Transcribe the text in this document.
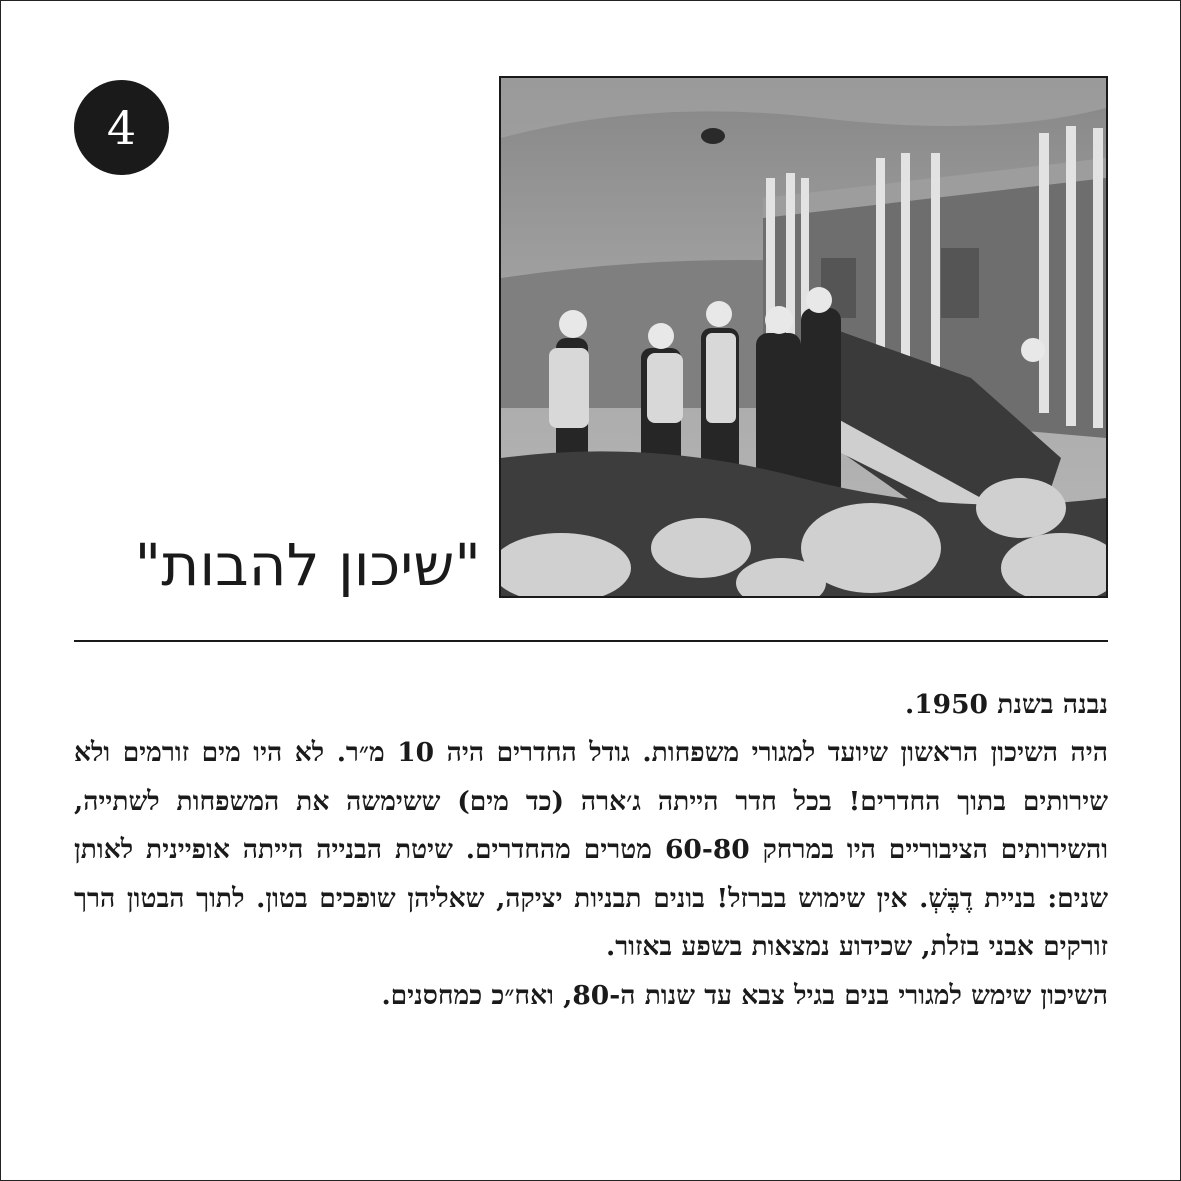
4
"שיכון להבות"

נבנה בשנת 1950.

היה השיכון הראשון שיועד למגורי משפחות. גודל החדרים היה 10 מ״ר. לא היו מים זורמים ולא שירותים בתוך החדרים! בכל חדר הייתה ג׳ארה (כד מים) ששימשה את המשפחות לשתייה, והשירותים הציבוריים היו במרחק 60-80 מטרים מהחדרים. שיטת הבנייה הייתה אופיינית לאותן שנים: בניית דֶבֶּשְׁ. אין שימוש בברזל! בונים תבניות יציקה, שאליהן שופכים בטון. לתוך הבטון הרך זורקים אבני בזלת, שכידוע נמצאות בשפע באזור.

השיכון שימש למגורי בנים בגיל צבא עד שנות ה-80, ואח״כ כמחסנים.
